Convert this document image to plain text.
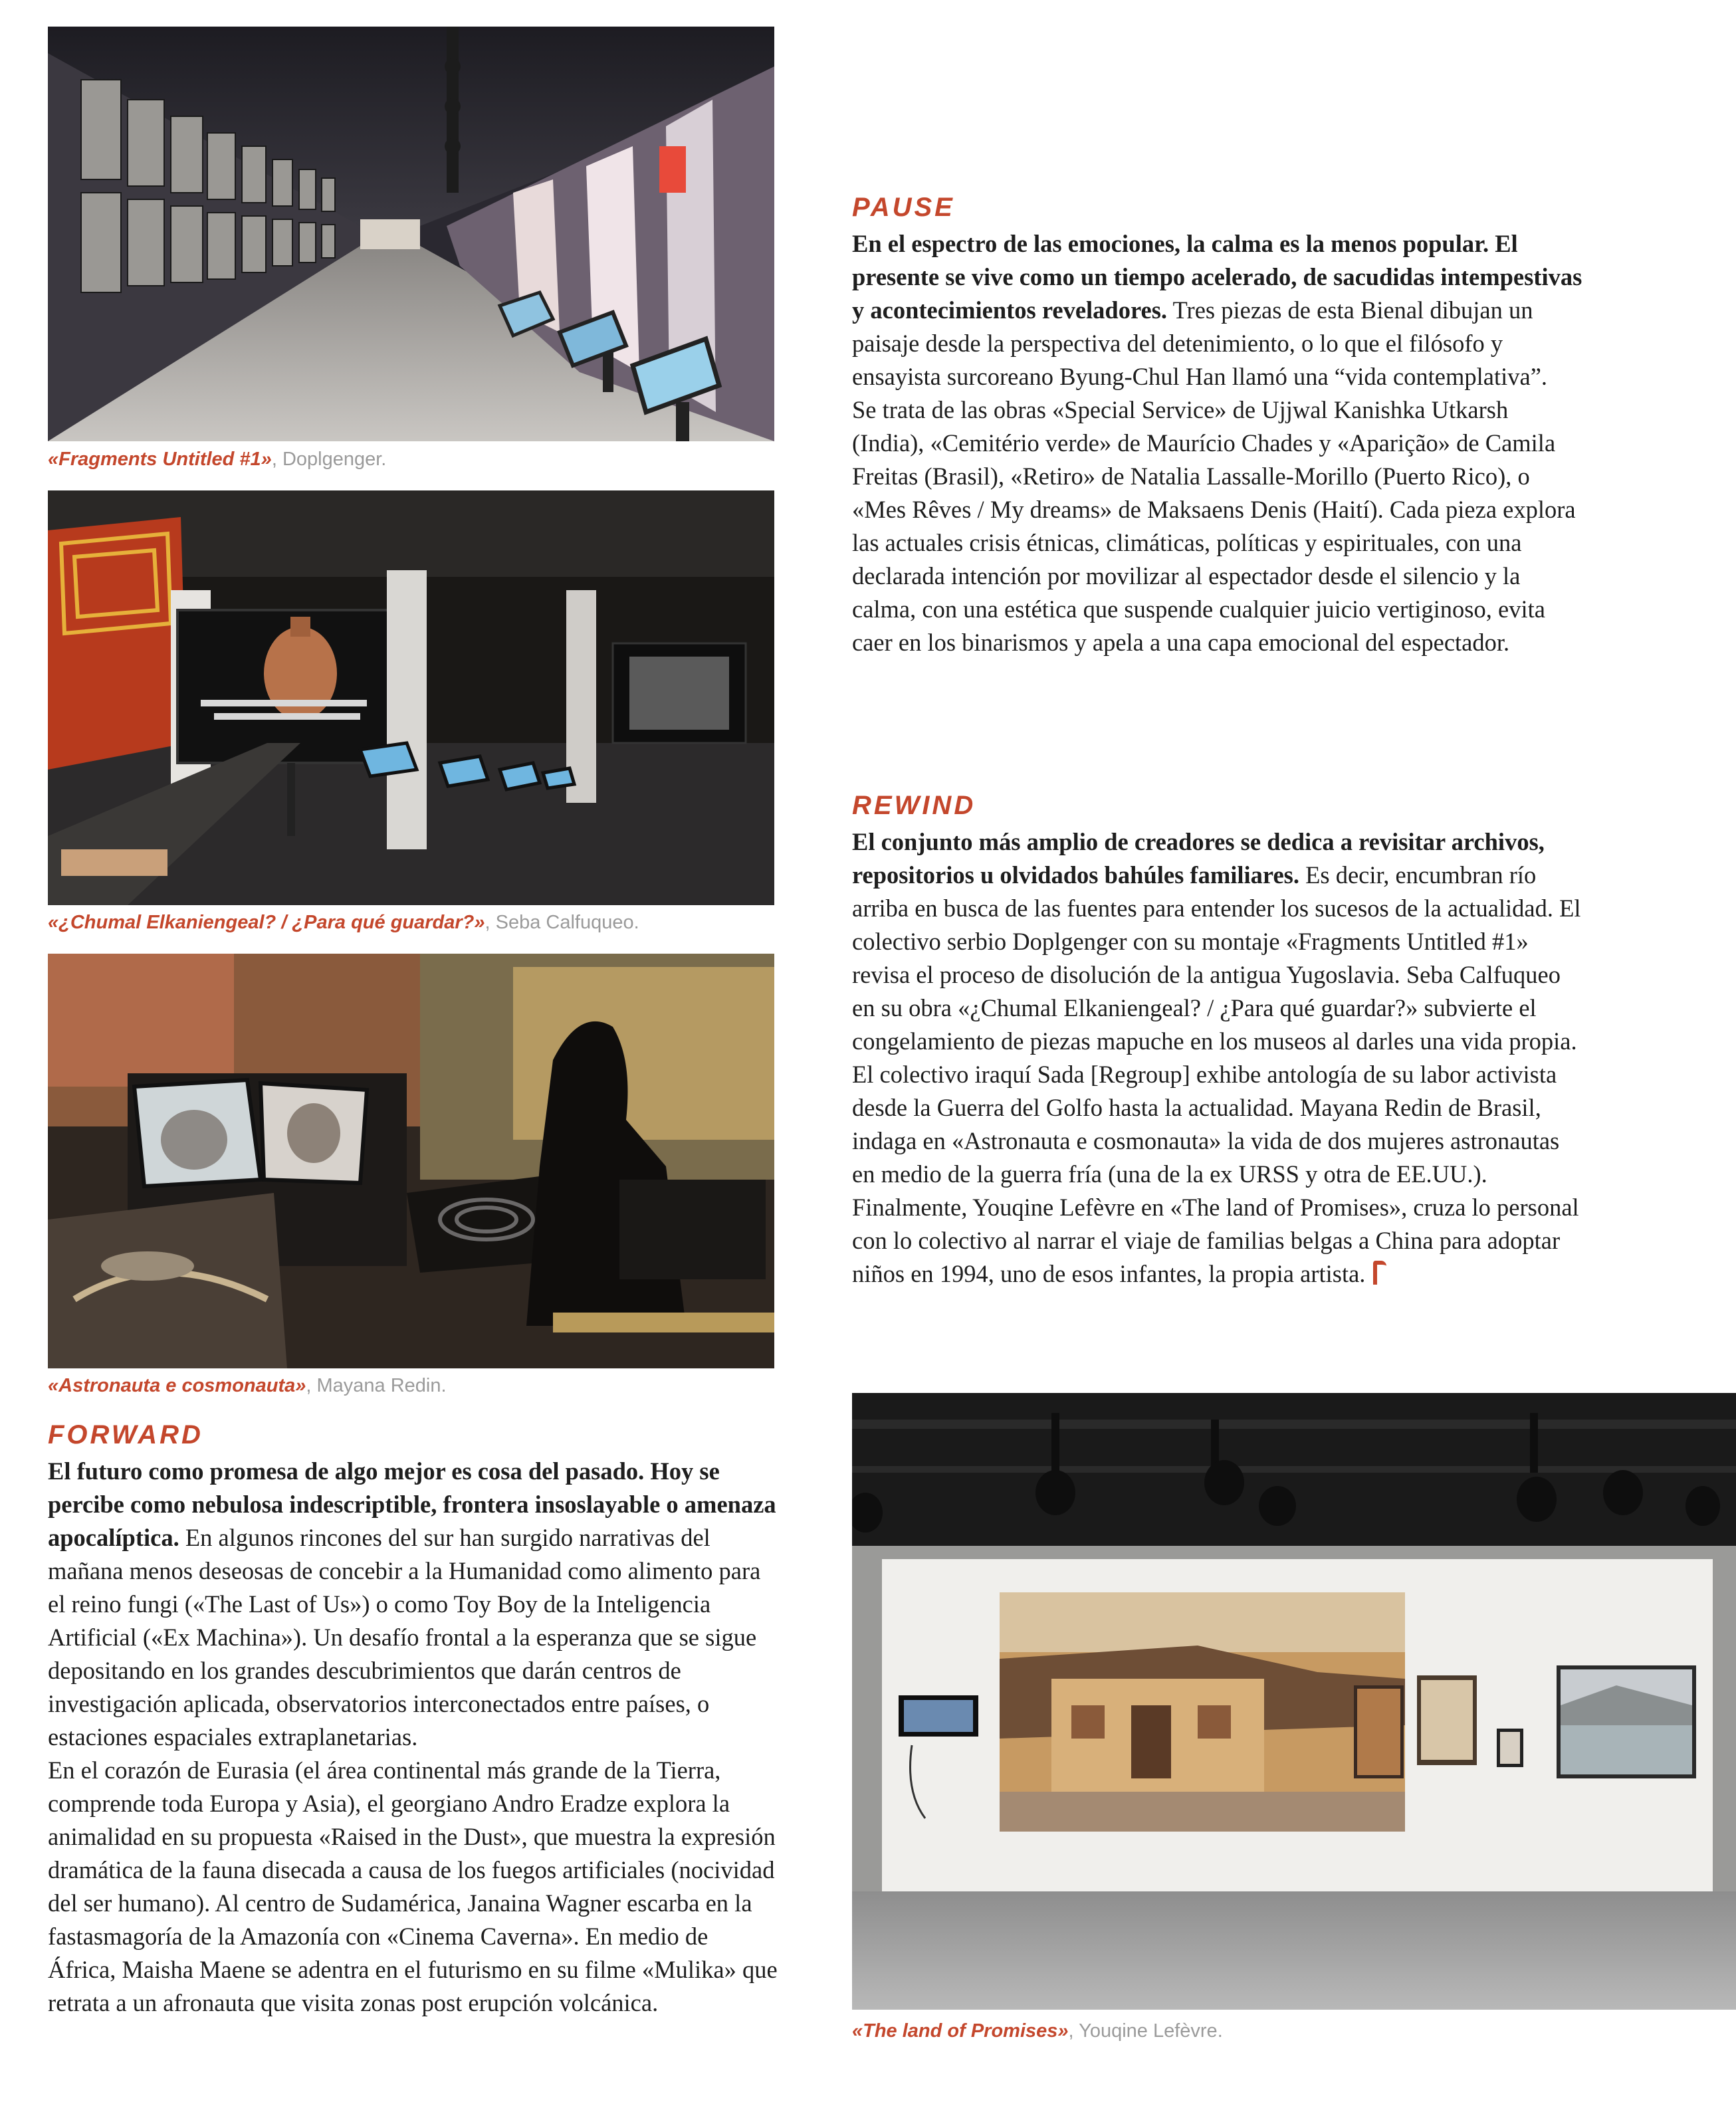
«Fragments Untitled #1», Doplgenger.
«¿Chumal Elkaniengeal? / ¿Para qué guardar?», Seba Calfuqueo.
«Astronauta e cosmonauta», Mayana Redin.
FORWARD

El futuro como promesa de algo mejor es cosa del pasado. Hoy se percibe como nebulosa indescriptible, frontera insoslayable o amenaza apocalíptica. En algunos rincones del sur han surgido narrativas del mañana menos deseosas de concebir a la Humanidad como alimento para el reino fungi («The Last of Us») o como Toy Boy de la Inteligencia Artificial («Ex Machina»). Un desafío frontal a la esperanza que se sigue depositando en los grandes descubrimientos que darán centros de investigación aplicada, observatorios interconectados entre países, o estaciones espaciales extraplanetarias.

En el corazón de Eurasia (el área continental más grande de la Tierra, comprende toda Europa y Asia), el georgiano Andro Eradze explora la animalidad en su propuesta «Raised in the Dust», que muestra la expresión dramática de la fauna disecada a causa de los fuegos artificiales (nocividad del ser humano). Al centro de Sudamérica, Janaina Wagner escarba en la fastasmagoría de la Amazonía con «Cinema Caverna». En medio de África, Maisha Maene se adentra en el futurismo en su filme «Mulika» que retrata a un afronauta que visita zonas post erupción volcánica.

PAUSE

En el espectro de las emociones, la calma es la menos popular. El presente se vive como un tiempo acelerado, de sacudidas intempestivas y acontecimientos reveladores. Tres piezas de esta Bienal dibujan un paisaje desde la perspectiva del detenimiento, o lo que el filósofo y ensayista surcoreano Byung-Chul Han llamó una “vida contemplativa”.

Se trata de las obras «Special Service» de Ujjwal Kanishka Utkarsh (India), «Cemitério verde» de Maurício Chades y «Aparição» de Camila Freitas (Brasil), «Retiro» de Natalia Lassalle-Morillo (Puerto Rico), o «Mes Rêves / My dreams» de Maksaens Denis (Haití). Cada pieza explora las actuales crisis étnicas, climáticas, políticas y espirituales, con una declarada intención por movilizar al espectador desde el silencio y la calma, con una estética que suspende cualquier juicio vertiginoso, evita caer en los binarismos y apela a una capa emocional del espectador.

REWIND

El conjunto más amplio de creadores se dedica a revisitar archivos, repositorios u olvidados bahúles familiares. Es decir, encumbran río arriba en busca de las fuentes para entender los sucesos de la actualidad. El colectivo serbio Doplgenger con su montaje «Fragments Untitled #1» revisa el proceso de disolución de la antigua Yugoslavia. Seba Calfuqueo en su obra «¿Chumal Elkaniengeal? / ¿Para qué guardar?» subvierte el congelamiento de piezas mapuche en los museos al darles una vida propia. El colectivo iraquí Sada [Regroup] exhibe antología de su labor activista desde la Guerra del Golfo hasta la actualidad. Mayana Redin de Brasil, indaga en «Astronauta e cosmonauta» la vida de dos mujeres astronautas en medio de la guerra fría (una de la ex URSS y otra de EE.UU.). Finalmente, Youqine Lefèvre en «The land of Promises», cruza lo personal con lo colectivo al narrar el viaje de familias belgas a China para adoptar niños en 1994, uno de esos infantes, la propia artista.

«The land of Promises», Youqine Lefèvre.
